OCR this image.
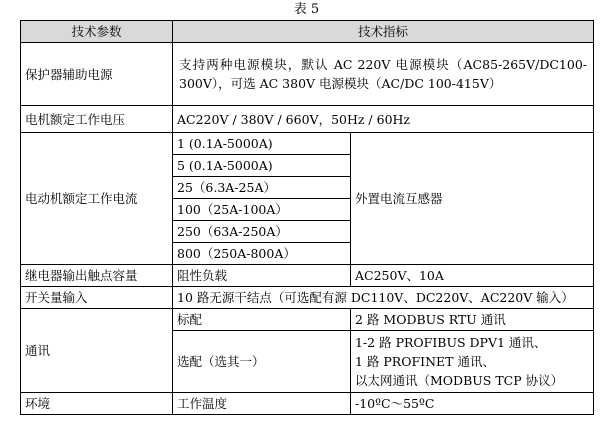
表 5
技术参数	技术指标	
保护器辅助电源	支持两种电源模块，默认 AC 220V 电源模块（AC85-265V/DC100-300V），可选 AC 380V 电源模块（AC/DC 100-415V）	
电机额定工作电压	AC220V / 380V / 660V，50Hz / 60Hz	
电动机额定工作电流	1 (0.1A-5000A)	外置电流互感器
	5 (0.1A-5000A)	
	25（6.3A-25A）	
	100（25A-100A）	
	250（63A-250A）	
	800（250A-800A）	
继电器输出触点容量	阻性负载	AC250V、10A
开关量输入	10 路无源干结点（可选配有源 DC110V、DC220V、AC220V 输入）	
通讯	标配	2 路 MODBUS RTU 通讯
	选配（选其一）	1-2 路 PROFIBUS DPV1 通讯、
1 路 PROFINET 通讯、
以太网通讯（MODBUS TCP 协议）

环境	工作温度	-10ºC～55ºC
